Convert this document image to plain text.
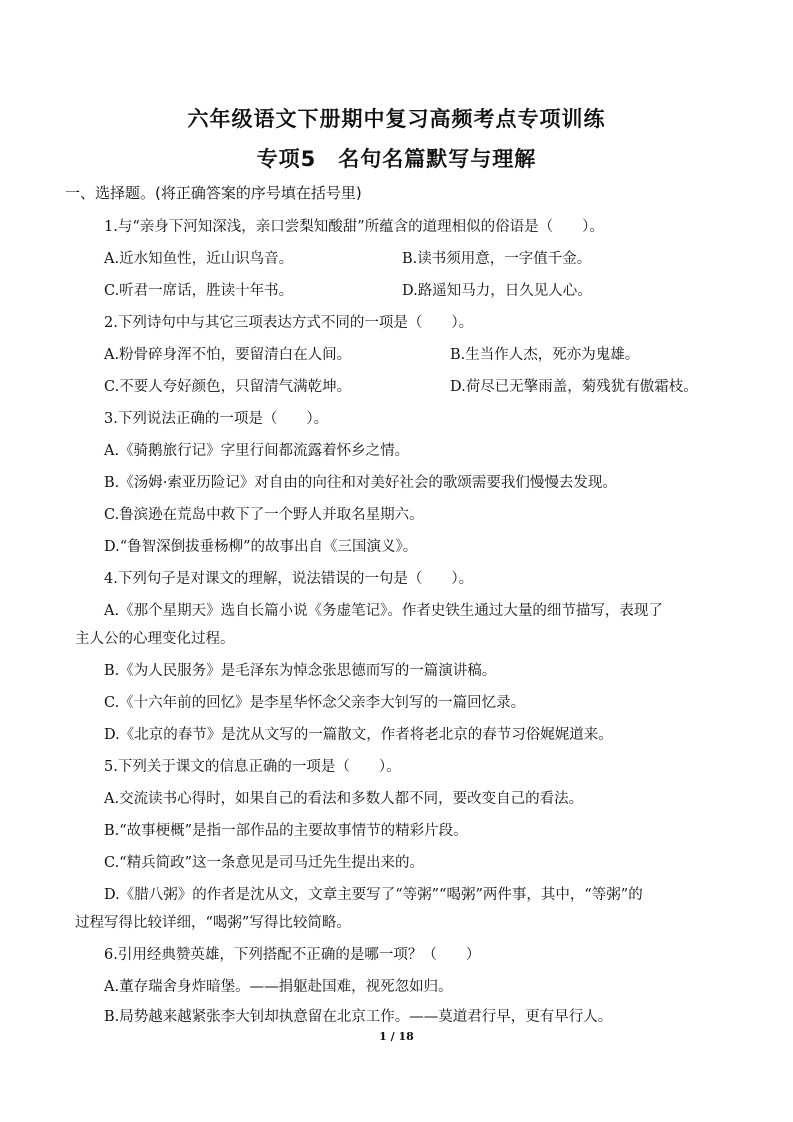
六年级语文下册期中复习高频考点专项训练
专项5　名句名篇默写与理解
一、选择题。(将正确答案的序号填在括号里)
1.与“亲身下河知深浅，亲口尝梨知酸甜”所蕴含的道理相似的俗语是（　　）。
A.近水知鱼性，近山识鸟音。	B.读书须用意，一字值千金。
C.听君一席话，胜读十年书。	D.路遥知马力，日久见人心。
2.下列诗句中与其它三项表达方式不同的一项是（　　）。
A.粉骨碎身浑不怕，要留清白在人间。	B.生当作人杰，死亦为鬼雄。
C.不要人夸好颜色，只留清气满乾坤。	D.荷尽已无擎雨盖，菊残犹有傲霜枝。
3.下列说法正确的一项是（　　）。
A.《骑鹅旅行记》字里行间都流露着怀乡之情。
B.《汤姆·索亚历险记》对自由的向往和对美好社会的歌颂需要我们慢慢去发现。
C.鲁滨逊在荒岛中救下了一个野人并取名星期六。
D.“鲁智深倒拔垂杨柳”的故事出自《三国演义》。
4.下列句子是对课文的理解，说法错误的一句是（　　）。
A.《那个星期天》选自长篇小说《务虚笔记》。作者史铁生通过大量的细节描写，表现了
主人公的心理变化过程。
B.《为人民服务》是毛泽东为悼念张思德而写的一篇演讲稿。
C.《十六年前的回忆》是李星华怀念父亲李大钊写的一篇回忆录。
D.《北京的春节》是沈从文写的一篇散文，作者将老北京的春节习俗娓娓道来。
5.下列关于课文的信息正确的一项是（　　）。
A.交流读书心得时，如果自己的看法和多数人都不同，要改变自己的看法。
B.“故事梗概”是指一部作品的主要故事情节的精彩片段。
C.“精兵简政”这一条意见是司马迁先生提出来的。
D.《腊八粥》的作者是沈从文，文章主要写了“等粥”“喝粥”两件事，其中，“等粥”的
过程写得比较详细，“喝粥”写得比较简略。
6.引用经典赞英雄，下列搭配不正确的是哪一项？（　　）
A.董存瑞舍身炸暗堡。——捐躯赴国难，视死忽如归。
B.局势越来越紧张李大钊却执意留在北京工作。——莫道君行早，更有早行人。
1 / 18
